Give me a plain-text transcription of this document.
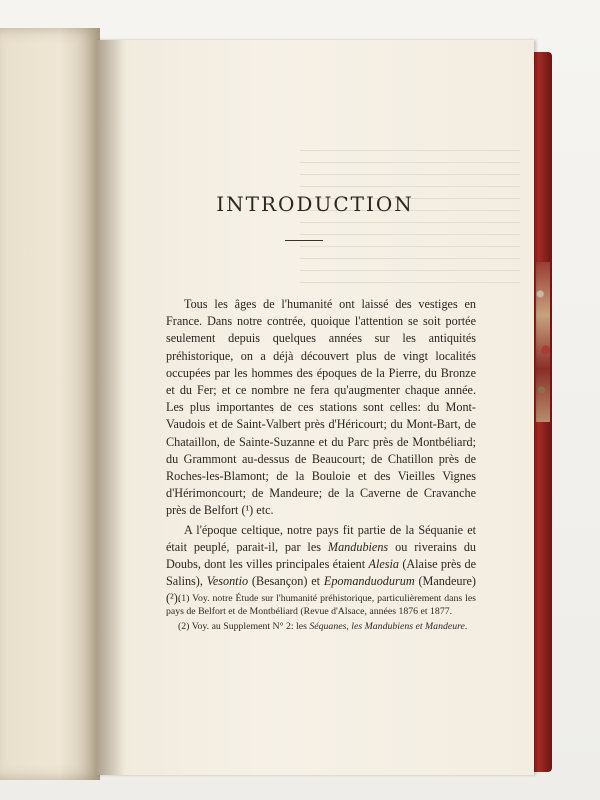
INTRODUCTION

Tous les âges de l'humanité ont laissé des vestiges en France. Dans notre contrée, quoique l'attention se soit portée seulement depuis quelques années sur les antiquités préhistorique, on a déjà découvert plus de vingt localités occupées par les hommes des époques de la Pierre, du Bronze et du Fer; et ce nombre ne fera qu'augmenter chaque année. Les plus importantes de ces stations sont celles: du Mont-Vaudois et de Saint-Valbert près d'Héricourt; du Mont-Bart, de Chataillon, de Sainte-Suzanne et du Parc près de Montbéliard; du Grammont au-dessus de Beaucourt; de Chatillon près de Roches-les-Blamont; de la Bouloie et des Vieilles Vignes d'Hérimoncourt; de Mandeure; de la Caverne de Cravanche près de Belfort (¹) etc.

A l'époque celtique, notre pays fit partie de la Séquanie et était peuplé, parait-il, par les Mandubiens ou riverains du Doubs, dont les villes principales étaient Alesia (Alaise près de Salins), Vesontio (Besançon) et Epomanduodurum (Mandeure) (²).

(1) Voy. notre Étude sur l'humanité préhistorique, particulièrement dans les pays de Belfort et de Montbéliard (Revue d'Alsace, années 1876 et 1877.

(2) Voy. au Supplement N° 2: les Séquanes, les Mandubiens et Mandeure.
